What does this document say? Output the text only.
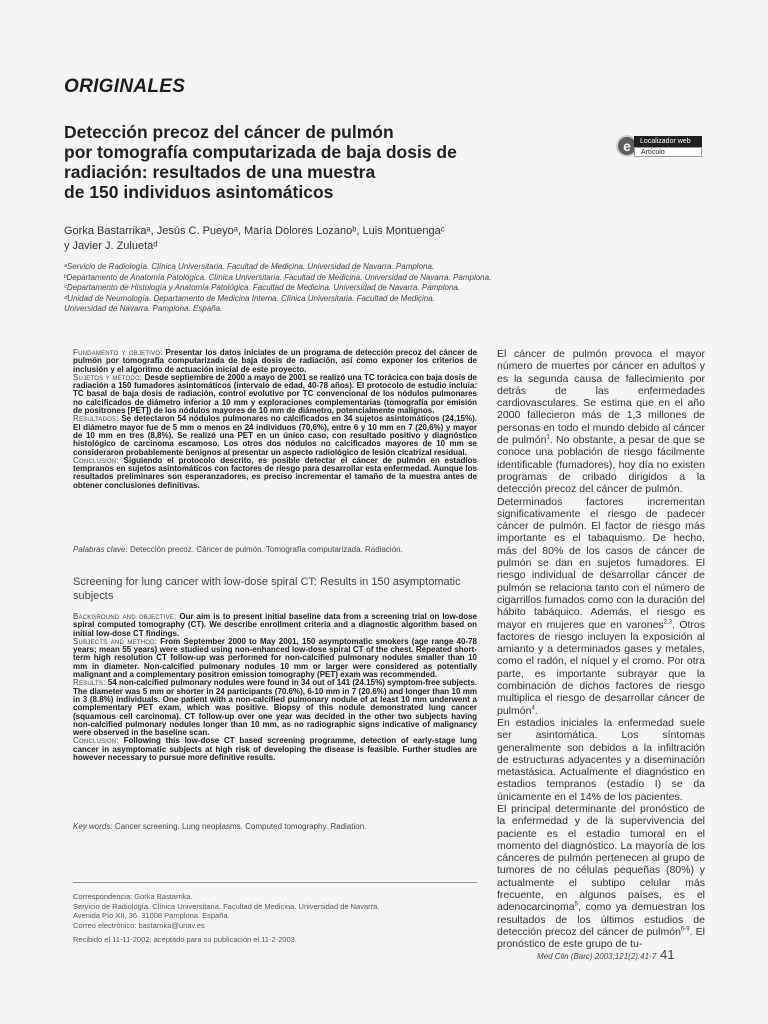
ORIGINALES
Detección precoz del cáncer de pulmón
por tomografía computarizada de baja dosis de
radiación: resultados de una muestra
de 150 individuos asintomáticos
e	Localizador web
Artículo
Gorka Bastarrikaᵃ, Jesús C. Pueyoᵃ, María Dolores Lozanoᵇ, Luis Montuengaᶜ
y Javier J. Zuluetaᵈ
ᵃServicio de Radiología. Clínica Universitaria. Facultad de Medicina. Universidad de Navarra. Pamplona.
ᵇDepartamento de Anatomía Patológica. Clínica Universitaria. Facultad de Medicina. Universidad de Navarra. Pamplona.
ᶜDepartamento de Histología y Anatomía Patológica. Facultad de Medicina. Universidad de Navarra. Pamplona.
ᵈUnidad de Neumología. Departamento de Medicina Interna. Clínica Universitaria. Facultad de Medicina.
Universidad de Navarra. Pamplona. España.

Fundamento y objetivo: Presentar los datos iniciales de un programa de detección precoz del cáncer de pulmón por tomografía computarizada de baja dosis de radiación, así como exponer los criterios de inclusión y el algoritmo de actuación inicial de este proyecto.

Sujetos y método: Desde septiembre de 2000 a mayo de 2001 se realizó una TC torácica con baja dosis de radiación a 150 fumadores asintomáticos (intervalo de edad, 40-78 años). El protocolo de estudio incluía: TC basal de baja dosis de radiación, control evolutivo por TC convencional de los nódulos pulmonares no calcificados de diámetro inferior a 10 mm y exploraciones complementarias (tomografía por emisión de positrones [PET]) de los nódulos mayores de 10 mm de diámetro, potencialmente malignos.

Resultados: Se detectaron 54 nódulos pulmonares no calcificados en 34 sujetos asintomáticos (24,15%). El diámetro mayor fue de 5 mm o menos en 24 individuos (70,6%), entre 6 y 10 mm en 7 (20,6%) y mayor de 10 mm en tres (8,8%). Se realizó una PET en un único caso, con resultado positivo y diagnóstico histológico de carcinoma escamoso. Los otros dos nódulos no calcificados mayores de 10 mm se consideraron probablemente benignos al presentar un aspecto radiológico de lesión cicatrizal residual.

Conclusión: Siguiendo el protocolo descrito, es posible detectar el cáncer de pulmón en estadios tempranos en sujetos asintomáticos con factores de riesgo para desarrollar esta enfermedad. Aunque los resultados preliminares son esperanzadores, es preciso incrementar el tamaño de la muestra antes de obtener conclusiones definitivas.

Palabras clave: Detección precoz. Cáncer de pulmón. Tomografía computarizada. Radiación.
Screening for lung cancer with low-dose spiral CT: Results in 150 asymptomatic subjects

Background and objective: Our aim is to present initial baseline data from a screening trial on low-dose spiral computed tomography (CT). We describe enrollment criteria and a diagnostic algorithm based on initial low-dose CT findings.

Subjects and method: From September 2000 to May 2001, 150 asymptomatic smokers (age range 40-78 years; mean 55 years) were studied using non-enhanced low-dose spiral CT of the chest. Repeated short-term high resolution CT follow-up was performed for non-calcified pulmonary nodules smaller than 10 mm in diameter. Non-calcified pulmonary nodules 10 mm or larger were considered as potentially malignant and a complementary positron emission tomography (PET) exam was recommended.

Results: 54 non-calcified pulmonary nodules were found in 34 out of 141 (24.15%) symptom-free subjects. The diameter was 5 mm or shorter in 24 participants (70.6%), 6-10 mm in 7 (20.6%) and longer than 10 mm in 3 (8.8%) individuals. One patient with a non-calcified pulmonary nodule of at least 10 mm underwent a complementary PET exam, which was positive. Biopsy of this nodule demonstrated lung cancer (squamous cell carcinoma). CT follow-up over one year was decided in the other two subjects having non-calcified pulmonary nodules longer than 10 mm, as no radiographic signs indicative of malignancy were observed in the baseline scan.

Conclusion: Following this low-dose CT based screening programme, detection of early-stage lung cancer in asymptomatic subjects at high risk of developing the disease is feasible. Further studies are however necessary to pursue more definitive results.

Key words: Cancer screening. Lung neoplasms. Computed tomography. Radiation.
Correspondencia: Gorka Bastarrika.
Servicio de Radiología. Clínica Universitaria. Facultad de Medicina. Universidad de Navarra.
Avenida Pío XII, 36. 31008 Pamplona. España.
Correo electrónico: bastarrika@unav.es
Recibido el 11-11-2002; aceptado para su publicación el 11-2-2003.

El cáncer de pulmón provoca el mayor número de muertes por cáncer en adultos y es la segunda causa de fallecimiento por detrás de las enfermedades cardiovasculares. Se estima que en el año 2000 fallecieron más de 1,3 millones de personas en todo el mundo debido al cáncer de pulmón$^1$. No obstante, a pesar de que se conoce una población de riesgo fácilmente identificable (fumadores), hoy día no existen programas de cribado dirigidos a la detección precoz del cáncer de pulmón.

Determinados factores incrementan significativamente el riesgo de padecer cáncer de pulmón. El factor de riesgo más importante es el tabaquismo. De hecho, más del 80% de los casos de cáncer de pulmón se dan en sujetos fumadores. El riesgo individual de desarrollar cáncer de pulmón se relaciona tanto con el número de cigarrillos fumados como con la duración del hábito tabáquico. Además, el riesgo es mayor en mujeres que en varones$^{2,3}$. Otros factores de riesgo incluyen la exposición al amianto y a determinados gases y metales, como el radón, el níquel y el cromo. Por otra parte, es importante subrayar que la combinación de dichos factores de riesgo multiplica el riesgo de desarrollar cáncer de pulmón$^4$.

En estadios iniciales la enfermedad suele ser asintomática. Los síntomas generalmente son debidos a la infiltración de estructuras adyacentes y a diseminación metastásica. Actualmente el diagnóstico en estadios tempranos (estadio I) se da únicamente en el 14% de los pacientes.

El principal determinante del pronóstico de la enfermedad y de la supervivencia del paciente es el estadio tumoral en el momento del diagnóstico. La mayoría de los cánceres de pulmón pertenecen al grupo de tumores de no células pequeñas (80%) y actualmente el subtipo celular más frecuente, en algunos países, es el adenocarcinoma$^5$, como ya demuestran los resultados de los últimos estudios de detección precoz del cáncer de pulmón$^{6-9}$. El pronóstico de este grupo de tu-

Med Clin (Barc) 2003;121(2):41-7 41
